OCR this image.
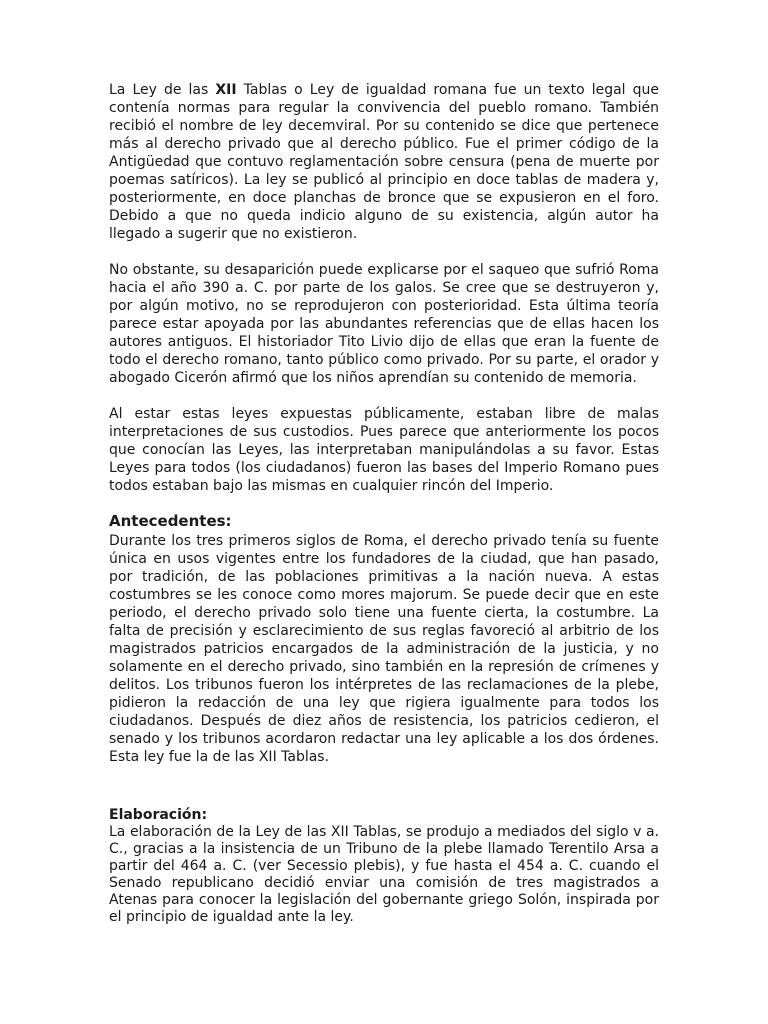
La Ley de las XII Tablas o Ley de igualdad romana fue un texto legal que contenía normas para regular la convivencia del pueblo romano. También recibió el nombre de ley decemviral. Por su contenido se dice que pertenece más al derecho privado que al derecho público. Fue el primer código de la Antigüedad que contuvo reglamentación sobre censura (pena de muerte por poemas satíricos). La ley se publicó al principio en doce tablas de madera y, posteriormente, en doce planchas de bronce que se expusieron en el foro. Debido a que no queda indicio alguno de su existencia, algún autor ha llegado a sugerir que no existieron.

No obstante, su desaparición puede explicarse por el saqueo que sufrió Roma hacia el año 390 a. C. por parte de los galos. Se cree que se destruyeron y, por algún motivo, no se reprodujeron con posterioridad. Esta última teoría parece estar apoyada por las abundantes referencias que de ellas hacen los autores antiguos. El historiador Tito Livio dijo de ellas que eran la fuente de todo el derecho romano, tanto público como privado. Por su parte, el orador y abogado Cicerón afirmó que los niños aprendían su contenido de memoria.

Al estar estas leyes expuestas públicamente, estaban libre de malas interpretaciones de sus custodios. Pues parece que anteriormente los pocos que conocían las Leyes, las interpretaban manipulándolas a su favor. Estas Leyes para todos (los ciudadanos) fueron las bases del Imperio Romano pues todos estaban bajo las mismas en cualquier rincón del Imperio.

Antecedentes:

Durante los tres primeros siglos de Roma, el derecho privado tenía su fuente única en usos vigentes entre los fundadores de la ciudad, que han pasado, por tradición, de las poblaciones primitivas a la nación nueva. A estas costumbres se les conoce como mores majorum. Se puede decir que en este periodo, el derecho privado solo tiene una fuente cierta, la costumbre. La falta de precisión y esclarecimiento de sus reglas favoreció al arbitrio de los magistrados patricios encargados de la administración de la justicia, y no solamente en el derecho privado, sino también en la represión de crímenes y delitos. Los tribunos fueron los intérpretes de las reclamaciones de la plebe, pidieron la redacción de una ley que rigiera igualmente para todos los ciudadanos. Después de diez años de resistencia, los patricios cedieron, el senado y los tribunos acordaron redactar una ley aplicable a los dos órdenes. Esta ley fue la de las XII Tablas.

Elaboración:

La elaboración de la Ley de las XII Tablas, se produjo a mediados del siglo v a. C., gracias a la insistencia de un Tribuno de la plebe llamado Terentilo Arsa a partir del 464 a. C. (ver Secessio plebis), y fue hasta el 454 a. C. cuando el Senado republicano decidió enviar una comisión de tres magistrados a Atenas para conocer la legislación del gobernante griego Solón, inspirada por el principio de igualdad ante la ley.
